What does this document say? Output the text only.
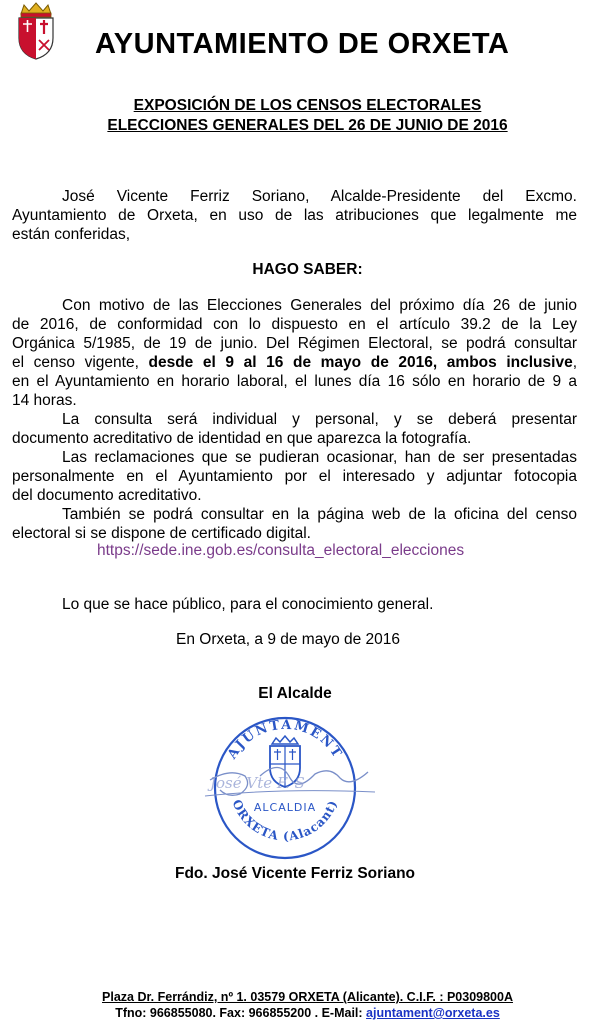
AYUNTAMIENTO DE ORXETA
EXPOSICIÓN DE LOS CENSOS ELECTORALES
ELECCIONES GENERALES DEL 26 DE JUNIO DE 2016
José Vicente Ferriz Soriano, Alcalde-Presidente del Excmo.
Ayuntamiento de Orxeta, en uso de las atribuciones que legalmente me
están conferidas,
HAGO SABER:
Con motivo de las Elecciones Generales del próximo día 26 de junio
de 2016, de conformidad con lo dispuesto en el artículo 39.2 de la Ley
Orgánica 5/1985, de 19 de junio. Del Régimen Electoral, se podrá consultar
el censo vigente, desde el 9 al 16 de mayo de 2016, ambos inclusive,
en el Ayuntamiento en horario laboral, el lunes día 16 sólo en horario de 9 a
14 horas.
La consulta será individual y personal, y se deberá presentar
documento acreditativo de identidad en que aparezca la fotografía.
Las reclamaciones que se pudieran ocasionar, han de ser presentadas
personalmente en el Ayuntamiento por el interesado y adjuntar fotocopia
del documento acreditativo.
También se podrá consultar en la página web de la oficina del censo
electoral si se dispone de certificado digital.
https://sede.ine.gob.es/consulta_electoral_elecciones
Lo que se hace público, para el conocimiento general.
En Orxeta, a 9 de mayo de 2016
El Alcalde
AJUNTAMENT
ORXETA (Alacant)
ALCALDIA
José Vte F. S
Fdo. José Vicente Ferriz Soriano
Plaza Dr. Ferrándiz, nº 1. 03579 ORXETA (Alicante). C.I.F. : P0309800A
Tfno: 966855080. Fax: 966855200 . E-Mail: ajuntament@orxeta.es
